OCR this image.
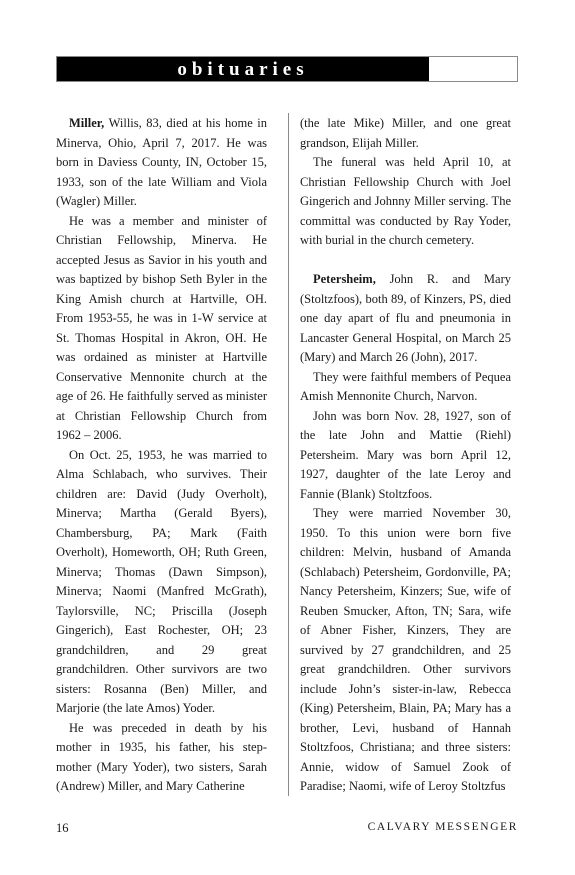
obituaries

Miller, Willis, 83, died at his home in Minerva, Ohio, April 7, 2017. He was born in Daviess County, IN, October 15, 1933, son of the late William and Viola (Wagler) Miller.

He was a member and minister of Christian Fellowship, Minerva. He accepted Jesus as Savior in his youth and was baptized by bishop Seth Byler in the King Amish church at Hartville, OH. From 1953-55, he was in 1-W service at St. Thomas Hospital in Akron, OH. He was ordained as minister at Hartville Conservative Mennonite church at the age of 26. He faithfully served as minister at Christian Fellowship Church from 1962 – 2006.

On Oct. 25, 1953, he was married to Alma Schlabach, who survives. Their children are: David (Judy Overholt), Minerva; Martha (Gerald Byers), Chambersburg, PA; Mark (Faith Overholt), Homeworth, OH; Ruth Green, Minerva; Thomas (Dawn Simpson), Minerva; Naomi (Manfred McGrath), Taylorsville, NC; Priscilla (Joseph Gingerich), East Rochester, OH; 23 grandchildren, and 29 great grandchildren. Other survivors are two sisters: Rosanna (Ben) Miller, and Marjorie (the late Amos) Yoder.

He was preceded in death by his mother in 1935, his father, his step-mother (Mary Yoder), two sisters, Sarah (Andrew) Miller, and Mary Catherine

(the late Mike) Miller, and one great grandson, Elijah Miller.

The funeral was held April 10, at Christian Fellowship Church with Joel Gingerich and Johnny Miller serving. The committal was conducted by Ray Yoder, with burial in the church cemetery.

Petersheim, John R. and Mary (Stoltzfoos), both 89, of Kinzers, PS, died one day apart of flu and pneumonia in Lancaster General Hospital, on March 25 (Mary) and March 26 (John), 2017.

They were faithful members of Pequea Amish Mennonite Church, Narvon.

John was born Nov. 28, 1927, son of the late John and Mattie (Riehl) Petersheim. Mary was born April 12, 1927, daughter of the late Leroy and Fannie (Blank) Stoltzfoos.

They were married November 30, 1950. To this union were born five children: Melvin, husband of Amanda (Schlabach) Petersheim, Gordonville, PA; Nancy Petersheim, Kinzers; Sue, wife of Reuben Smucker, Afton, TN; Sara, wife of Abner Fisher, Kinzers, They are survived by 27 grandchildren, and 25 great grandchildren. Other survivors include John’s sister-in-law, Rebecca (King) Petersheim, Blain, PA; Mary has a brother, Levi, husband of Hannah Stoltzfoos, Christiana; and three sisters: Annie, widow of Samuel Zook of Paradise; Naomi, wife of Leroy Stoltzfus

16	CALVARY MESSENGER
